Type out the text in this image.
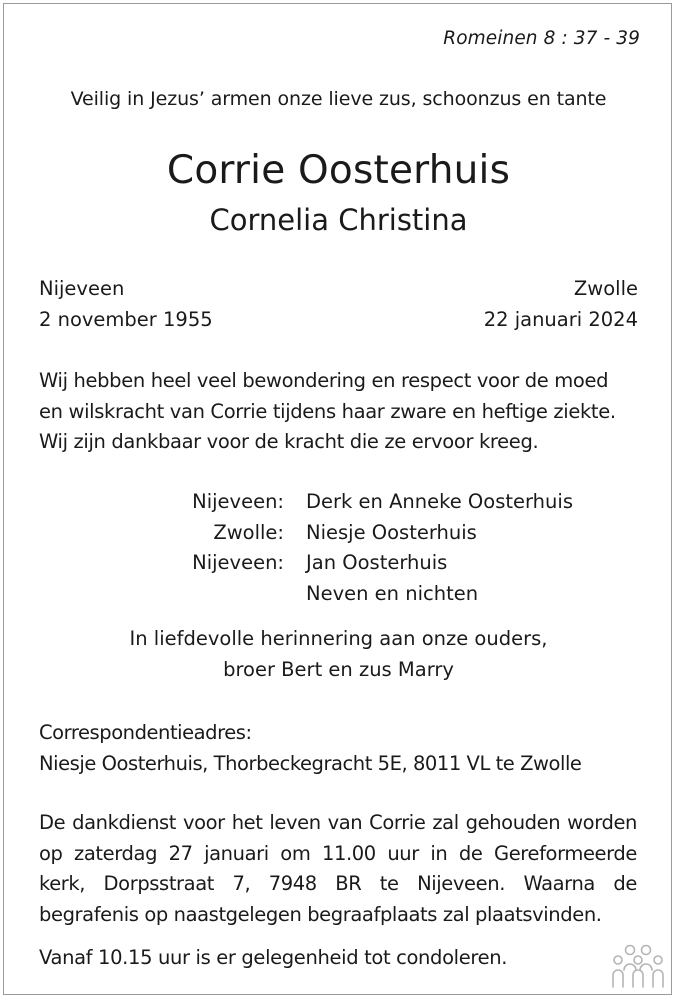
Romeinen 8 : 37 - 39
Veilig in Jezus’ armen onze lieve zus, schoonzus en tante
Corrie Oosterhuis
Cornelia Christina
Nijeveen
2 november 1955
Zwolle
22 januari 2024
Wij hebben heel veel bewondering en respect voor de moed
en wilskracht van Corrie tijdens haar zware en heftige ziekte.
Wij zijn dankbaar voor de kracht die ze ervoor kreeg.
Nijeveen: Derk en Anneke Oosterhuis
Zwolle: Niesje Oosterhuis
Nijeveen: Jan Oosterhuis
Neven en nichten
In liefdevolle herinnering aan onze ouders,
broer Bert en zus Marry
Correspondentieadres:
Niesje Oosterhuis, Thorbeckegracht 5E, 8011 VL te Zwolle
De dankdienst voor het leven van Corrie zal gehouden worden
op zaterdag 27 januari om 11.00 uur in de Gereformeerde
kerk, Dorpsstraat 7, 7948 BR te Nijeveen. Waarna de
begrafenis op naastgelegen begraafplaats zal plaatsvinden.
Vanaf 10.15 uur is er gelegenheid tot condoleren.
